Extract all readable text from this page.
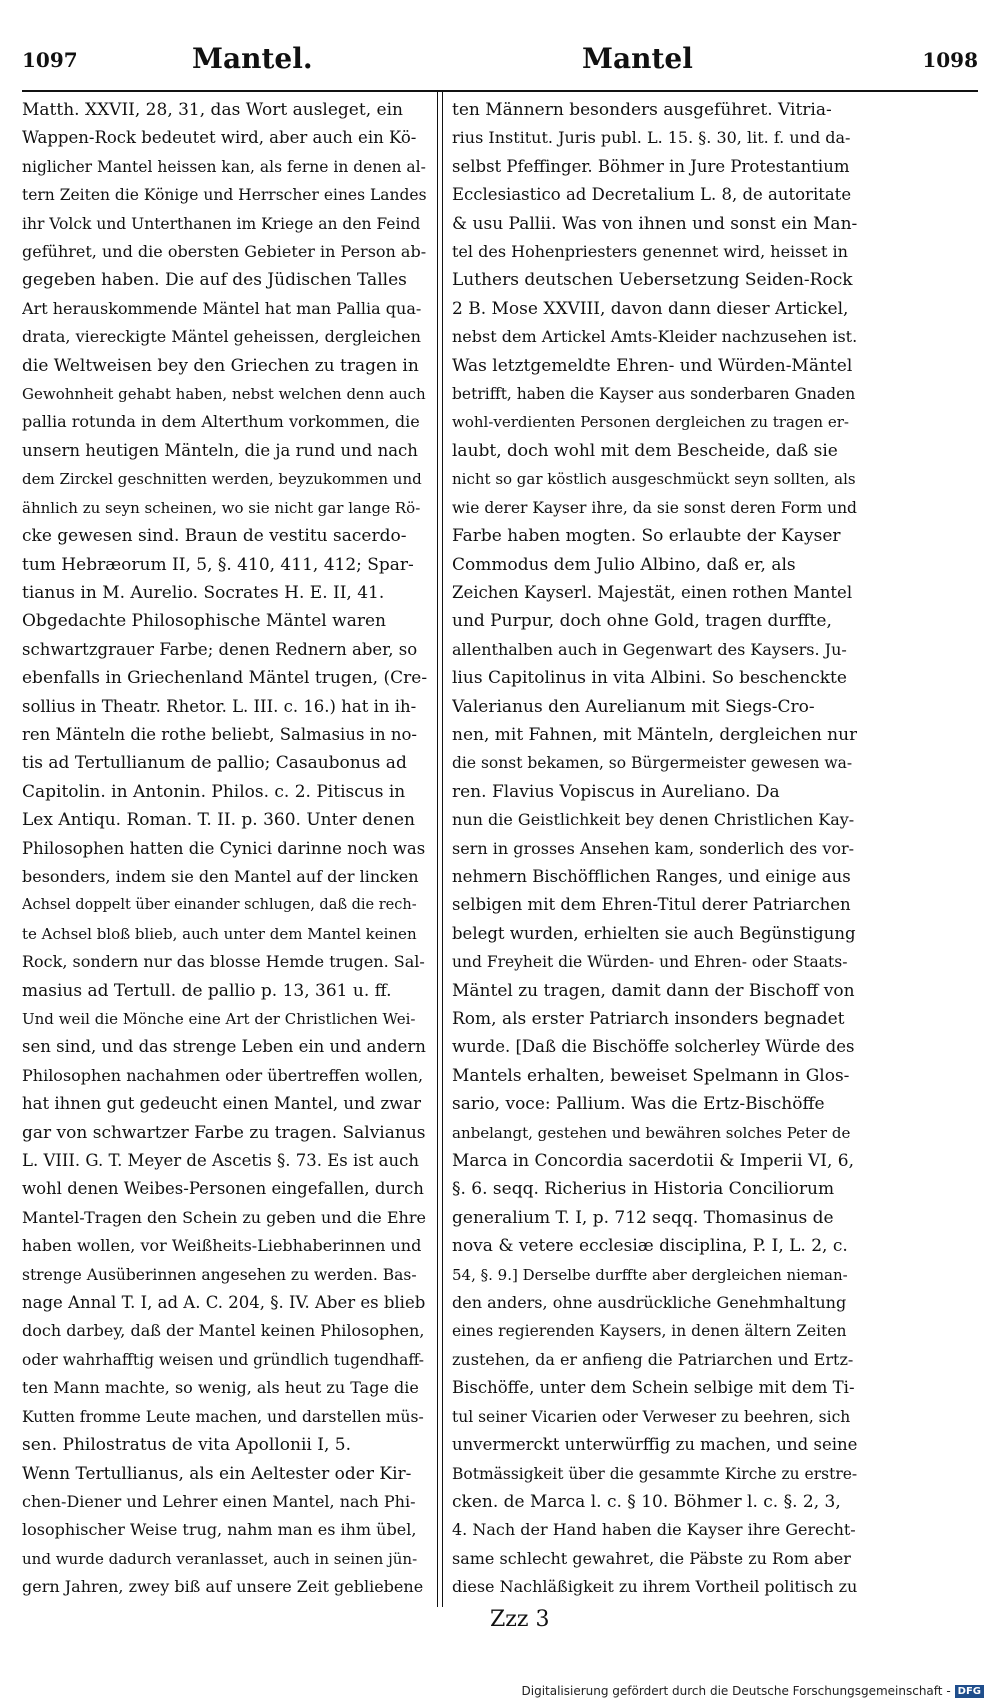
1097	Mantel.	Mantel	1098
Matth. XXVII, 28, 31, das Wort ausleget, ein
Wappen-Rock bedeutet wird, aber auch ein Kö-
niglicher Mantel heissen kan, als ferne in denen al-
tern Zeiten die Könige und Herrscher eines Landes
ihr Volck und Unterthanen im Kriege an den Feind
geführet, und die obersten Gebieter in Person ab-
gegeben haben. Die auf des Jüdischen Talles
Art herauskommende Mäntel hat man Pallia qua-
drata, viereckigte Mäntel geheissen, dergleichen
die Weltweisen bey den Griechen zu tragen in
Gewohnheit gehabt haben, nebst welchen denn auch
pallia rotunda in dem Alterthum vorkommen, die
unsern heutigen Mänteln, die ja rund und nach
dem Zirckel geschnitten werden, beyzukommen und
ähnlich zu seyn scheinen, wo sie nicht gar lange Rö-
cke gewesen sind. Braun de vestitu sacerdo-
tum Hebræorum II, 5, §. 410, 411, 412; Spar-
tianus in M. Aurelio. Socrates H. E. II, 41.
Obgedachte Philosophische Mäntel waren
schwartzgrauer Farbe; denen Rednern aber, so
ebenfalls in Griechenland Mäntel trugen, (Cre-
sollius in Theatr. Rhetor. L. III. c. 16.) hat in ih-
ren Mänteln die rothe beliebt, Salmasius in no-
tis ad Tertullianum de pallio; Casaubonus ad
Capitolin. in Antonin. Philos. c. 2. Pitiscus in
Lex Antiqu. Roman. T. II. p. 360. Unter denen
Philosophen hatten die Cynici darinne noch was
besonders, indem sie den Mantel auf der lincken
Achsel doppelt über einander schlugen, daß die rech-
te Achsel bloß blieb, auch unter dem Mantel keinen
Rock, sondern nur das blosse Hemde trugen. Sal-
masius ad Tertull. de pallio p. 13, 361 u. ff.
Und weil die Mönche eine Art der Christlichen Wei-
sen sind, und das strenge Leben ein und andern
Philosophen nachahmen oder übertreffen wollen,
hat ihnen gut gedeucht einen Mantel, und zwar
gar von schwartzer Farbe zu tragen. Salvianus
L. VIII. G. T. Meyer de Ascetis §. 73. Es ist auch
wohl denen Weibes-Personen eingefallen, durch
Mantel-Tragen den Schein zu geben und die Ehre
haben wollen, vor Weißheits-Liebhaberinnen und
strenge Ausüberinnen angesehen zu werden. Bas-
nage Annal T. I, ad A. C. 204, §. IV. Aber es blieb
doch darbey, daß der Mantel keinen Philosophen,
oder wahrhafftig weisen und gründlich tugendhaff-
ten Mann machte, so wenig, als heut zu Tage die
Kutten fromme Leute machen, und darstellen müs-
sen. Philostratus de vita Apollonii I, 5.
Wenn Tertullianus, als ein Aeltester oder Kir-
chen-Diener und Lehrer einen Mantel, nach Phi-
losophischer Weise trug, nahm man es ihm übel,
und wurde dadurch veranlasset, auch in seinen jün-
gern Jahren, zwey biß auf unsere Zeit gebliebene
ten Männern besonders ausgeführet. Vitria-
rius Institut. Juris publ. L. 15. §. 30, lit. f. und da-
selbst Pfeffinger. Böhmer in Jure Protestantium
Ecclesiastico ad Decretalium L. 8, de autoritate
& usu Pallii. Was von ihnen und sonst ein Man-
tel des Hohenpriesters genennet wird, heisset in
Luthers deutschen Uebersetzung Seiden-Rock
2 B. Mose XXVIII, davon dann dieser Artickel,
nebst dem Artickel Amts-Kleider nachzusehen ist.
Was letztgemeldte Ehren- und Würden-Mäntel
betrifft, haben die Kayser aus sonderbaren Gnaden
wohl-verdienten Personen dergleichen zu tragen er-
laubt, doch wohl mit dem Bescheide, daß sie
nicht so gar köstlich ausgeschmückt seyn sollten, als
wie derer Kayser ihre, da sie sonst deren Form und
Farbe haben mogten. So erlaubte der Kayser
Commodus dem Julio Albino, daß er, als
Zeichen Kayserl. Majestät, einen rothen Mantel
und Purpur, doch ohne Gold, tragen durffte,
allenthalben auch in Gegenwart des Kaysers. Ju-
lius Capitolinus in vita Albini. So beschenckte
Valerianus den Aurelianum mit Siegs-Cro-
nen, mit Fahnen, mit Mänteln, dergleichen nur
die sonst bekamen, so Bürgermeister gewesen wa-
ren. Flavius Vopiscus in Aureliano. Da
nun die Geistlichkeit bey denen Christlichen Kay-
sern in grosses Ansehen kam, sonderlich des vor-
nehmern Bischöfflichen Ranges, und einige aus
selbigen mit dem Ehren-Titul derer Patriarchen
belegt wurden, erhielten sie auch Begünstigung
und Freyheit die Würden- und Ehren- oder Staats-
Mäntel zu tragen, damit dann der Bischoff von
Rom, als erster Patriarch insonders begnadet
wurde. [Daß die Bischöffe solcherley Würde des
Mantels erhalten, beweiset Spelmann in Glos-
sario, voce: Pallium. Was die Ertz-Bischöffe
anbelangt, gestehen und bewähren solches Peter de
Marca in Concordia sacerdotii & Imperii VI, 6,
§. 6. seqq. Richerius in Historia Conciliorum
generalium T. I, p. 712 seqq. Thomasinus de
nova & vetere ecclesiæ disciplina, P. I, L. 2, c.
54, §. 9.] Derselbe durffte aber dergleichen nieman-
den anders, ohne ausdrückliche Genehmhaltung
eines regierenden Kaysers, in denen ältern Zeiten
zustehen, da er anfieng die Patriarchen und Ertz-
Bischöffe, unter dem Schein selbige mit dem Ti-
tul seiner Vicarien oder Verweser zu beehren, sich
unvermerckt unterwürffig zu machen, und seine
Botmässigkeit über die gesammte Kirche zu erstre-
cken. de Marca l. c. § 10. Böhmer l. c. §. 2, 3,
4. Nach der Hand haben die Kayser ihre Gerecht-
same schlecht gewahret, die Päbste zu Rom aber
diese Nachläßigkeit zu ihrem Vortheil politisch zu
Zzz 3
Digitalisierung gefördert durch die Deutsche Forschungsgemeinschaft - DFG
